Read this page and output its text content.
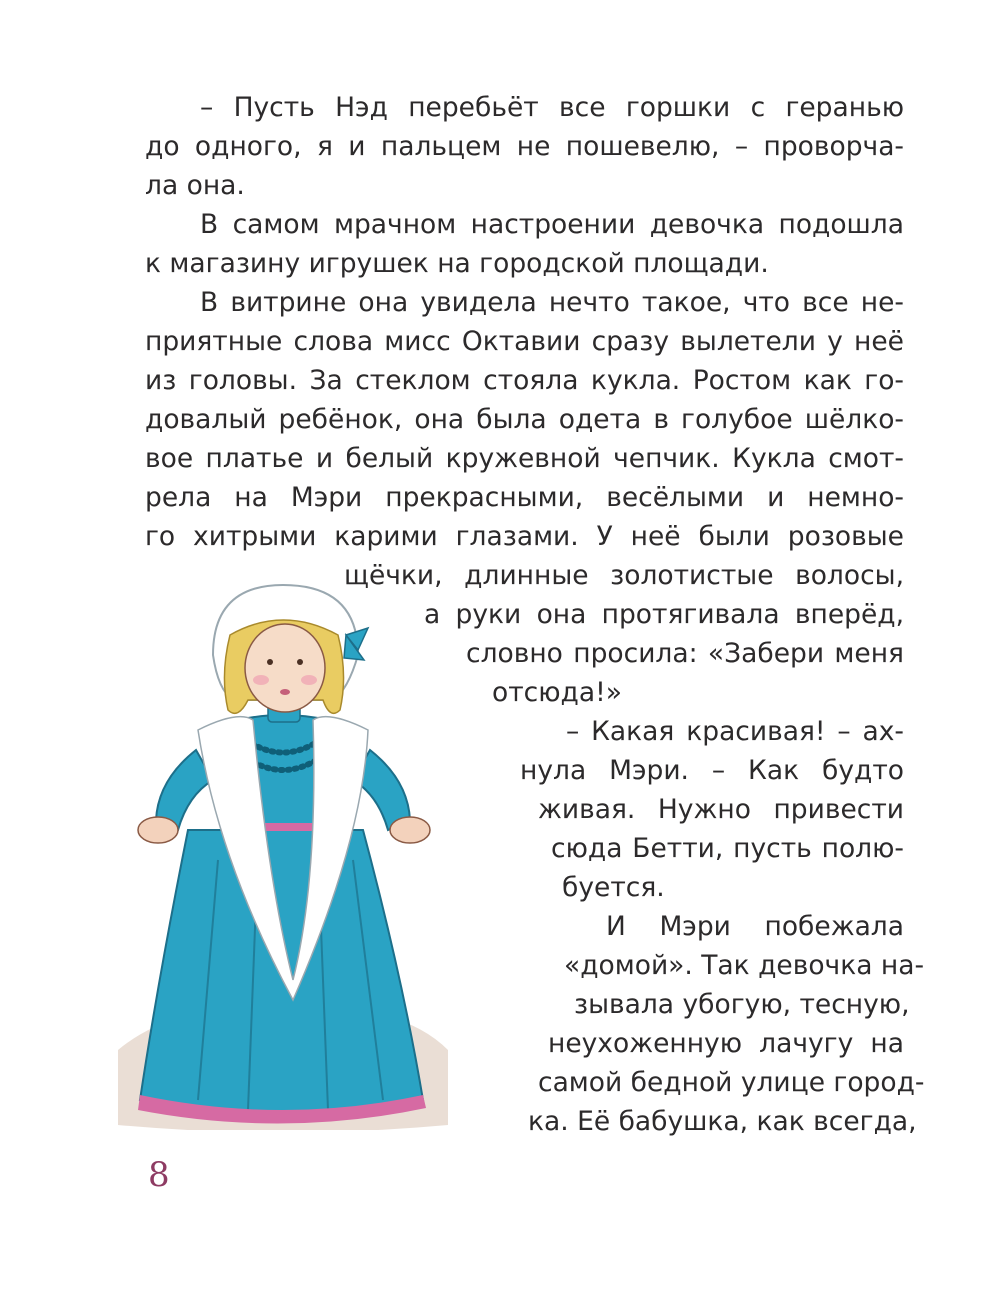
– Пусть Нэд перебьёт все горшки с геранью
до одного, я и пальцем не пошевелю, – проворча-
ла она.
В самом мрачном настроении девочка подошла
к магазину игрушек на городской площади.
В витрине она увидела нечто такое, что все не-
приятные слова мисс Октавии сразу вылетели у неё
из головы. За стеклом стояла кукла. Ростом как го-
довалый ребёнок, она была одета в голубое шёлко-
вое платье и белый кружевной чепчик. Кукла смот-
рела на Мэри прекрасными, весёлыми и немно-
го хитрыми карими глазами. У неё были розовые
щёчки, длинные золотистые волосы,
а руки она протягивала вперёд,
словно просила: «Забери меня
отсюда!»
– Какая красивая! – ах-
нула Мэри. – Как будто
живая. Нужно привести
сюда Бетти, пусть полю-
буется.
И Мэри побежала
«домой». Так девочка на-
зывала убогую, тесную,
неухоженную лачугу на
самой бедной улице город-
ка. Её бабушка, как всегда,
8
